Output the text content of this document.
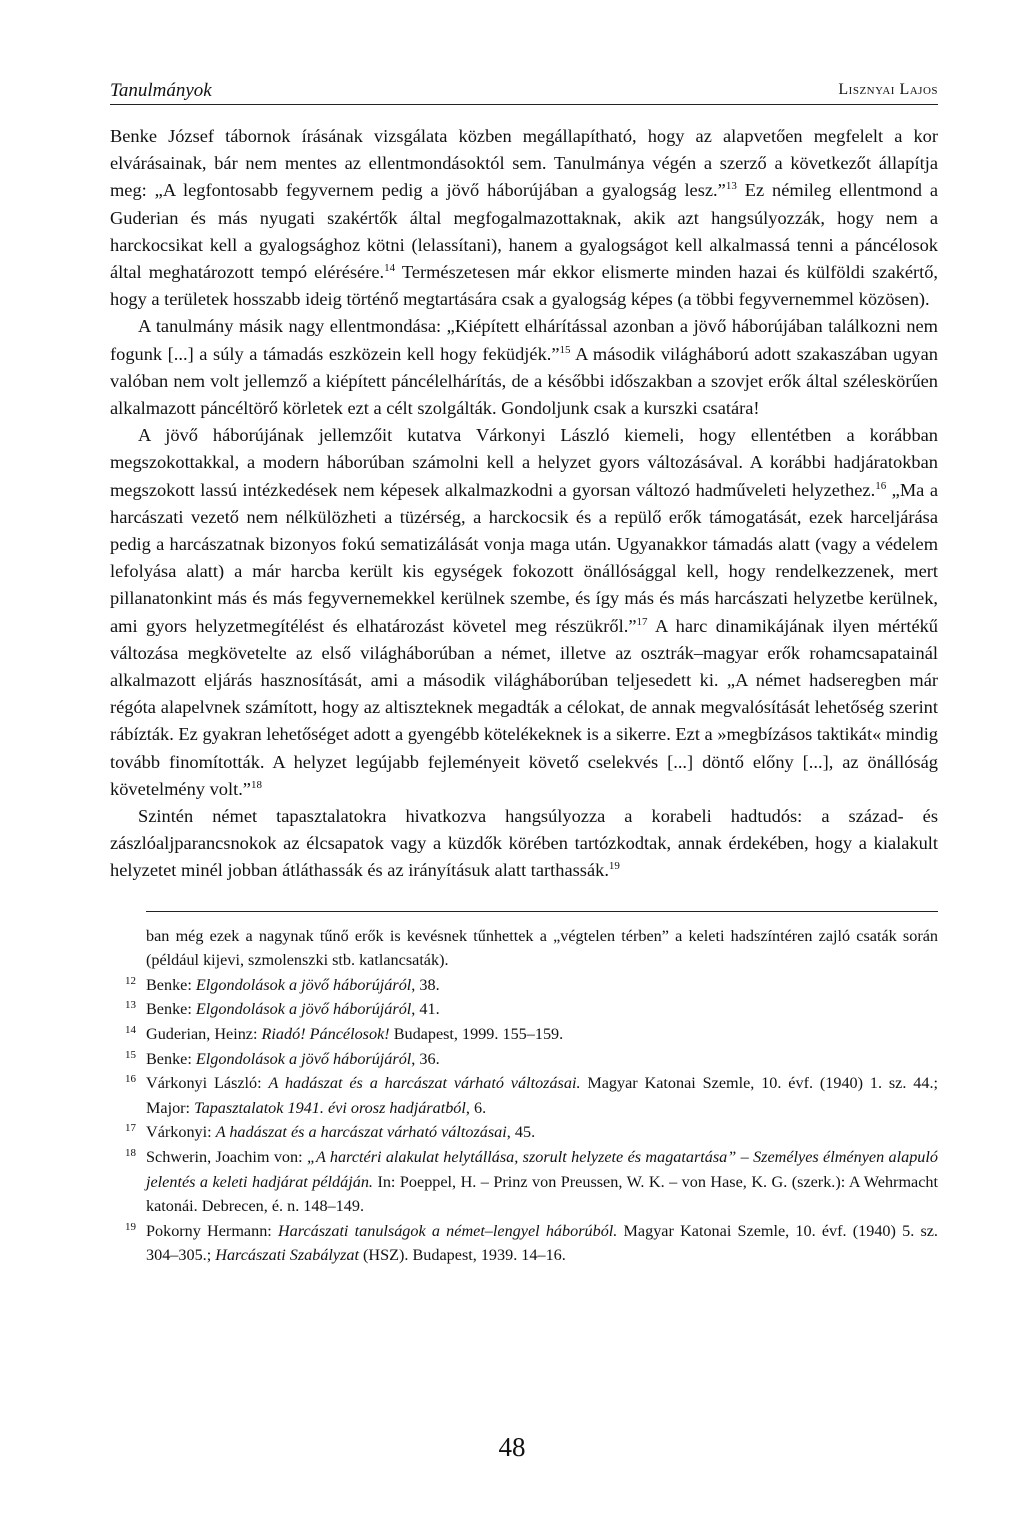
Tanulmányok	Lisznyai Lajos

Benke József tábornok írásának vizsgálata közben megállapítható, hogy az alapvetően megfelelt a kor elvárásainak, bár nem mentes az ellentmondásoktól sem. Tanulmánya végén a szerző a következőt állapítja meg: „A legfontosabb fegyvernem pedig a jövő háborújában a gyalogság lesz.”$^{13}$ Ez némileg ellentmond a Guderian és más nyugati szakértők által megfogalmazottaknak, akik azt hangsúlyozzák, hogy nem a harckocsikat kell a gyalogsághoz kötni (lelassítani), hanem a gyalogságot kell alkalmassá tenni a páncélosok által meghatározott tempó elérésére.$^{14}$ Természetesen már ekkor elismerte minden hazai és külföldi szakértő, hogy a területek hosszabb ideig történő megtartására csak a gyalogság képes (a többi fegyvernemmel közösen).

A tanulmány másik nagy ellentmondása: „Kiépített elhárítással azonban a jövő háborújában találkozni nem fogunk [...] a súly a támadás eszközein kell hogy feküdjék.”$^{15}$ A második világháború adott szakaszában ugyan valóban nem volt jellemző a kiépített páncélelhárítás, de a későbbi időszakban a szovjet erők által széleskörűen alkalmazott páncéltörő körletek ezt a célt szolgálták. Gondoljunk csak a kurszki csatára!

A jövő háborújának jellemzőit kutatva Várkonyi László kiemeli, hogy ellentétben a korábban megszokottakkal, a modern háborúban számolni kell a helyzet gyors változásával. A korábbi hadjáratokban megszokott lassú intézkedések nem képesek alkalmazkodni a gyorsan változó hadműveleti helyzethez.$^{16}$ „Ma a harcászati vezető nem nélkülözheti a tüzérség, a harckocsik és a repülő erők támogatását, ezek harceljárása pedig a harcászatnak bizonyos fokú sematizálását vonja maga után. Ugyanakkor támadás alatt (vagy a védelem lefolyása alatt) a már harcba került kis egységek fokozott önállósággal kell, hogy rendelkezzenek, mert pillanatonkint más és más fegyvernemekkel kerülnek szembe, és így más és más harcászati helyzetbe kerülnek, ami gyors helyzetmegítélést és elhatározást követel meg részükről.”$^{17}$ A harc dinamikájának ilyen mértékű változása megkövetelte az első világháborúban a német, illetve az osztrák–magyar erők rohamcsapatainál alkalmazott eljárás hasznosítását, ami a második világháborúban teljesedett ki. „A német hadseregben már régóta alapelvnek számított, hogy az altiszteknek megadták a célokat, de annak megvalósítását lehetőség szerint rábízták. Ez gyakran lehetőséget adott a gyengébb kötelékeknek is a sikerre. Ezt a »megbízásos taktikát« mindig tovább finomították. A helyzet legújabb fejleményeit követő cselekvés [...] döntő előny [...], az önállóság követelmény volt.”$^{18}$

Szintén német tapasztalatokra hivatkozva hangsúlyozza a korabeli hadtudós: a század- és zászlóaljparancsnokok az élcsapatok vagy a küzdők körében tartózkodtak, annak érdekében, hogy a kialakult helyzetet minél jobban átláthassák és az irányításuk alatt tarthassák.$^{19}$

ban még ezek a nagynak tűnő erők is kevésnek tűnhettek a „végtelen térben” a keleti hadszíntéren zajló csaták során (például kijevi, szmolenszki stb. katlancsaták).
12 Benke: Elgondolások a jövő háborújáról, 38.
13 Benke: Elgondolások a jövő háborújáról, 41.
14 Guderian, Heinz: Riadó! Páncélosok! Budapest, 1999. 155–159.
15 Benke: Elgondolások a jövő háborújáról, 36.
16 Várkonyi László: A hadászat és a harcászat várható változásai. Magyar Katonai Szemle, 10. évf. (1940) 1. sz. 44.; Major: Tapasztalatok 1941. évi orosz hadjáratból, 6.
17 Várkonyi: A hadászat és a harcászat várható változásai, 45.
18 Schwerin, Joachim von: „A harctéri alakulat helytállása, szorult helyzete és magatartása” – Személyes élményen alapuló jelentés a keleti hadjárat példáján. In: Poeppel, H. – Prinz von Preussen, W. K. – von Hase, K. G. (szerk.): A Wehrmacht katonái. Debrecen, é. n. 148–149.
19 Pokorny Hermann: Harcászati tanulságok a német–lengyel háborúból. Magyar Katonai Szemle, 10. évf. (1940) 5. sz. 304–305.; Harcászati Szabályzat (HSZ). Budapest, 1939. 14–16.
48
